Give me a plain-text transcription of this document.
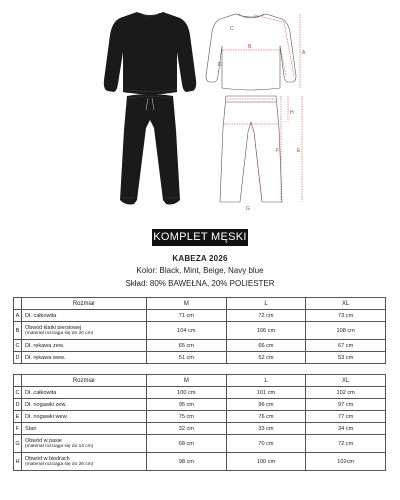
A
B
C
D
E
F
G
H
KOMPLET MĘSKI
KABEZA 2026
Kolor: Black, Mint, Beige, Navy blue
Skład: 80% BAWEŁNA, 20% POLIESTER
	Rozmiar	M	L	XL
A	Dł. całkowita	71 cm	72 cm	73 cm
B	Obwód klatki piersiowej
(materiał rozciąga się do 20 cm)	104 cm	106 cm	108 cm
C	Dł. rękawa zew.	65 cm	66 cm	67 cm
D	Dł. rękawa wew.	51 cm	52 cm	53 cm
	Rozmiar	M	L	XL
C	Dł. całkowita	100 cm	101 cm	102 cm
D	Dł. nogawki zew.	95 cm	96 cm	97 cm
E	Dł. nogawki wew.	75 cm	76 cm	77 cm
F	Stan	32 cm	33 cm	34 cm
G	Obwód w pasie
(materiał rozciąga się do 14 cm)	68 cm	70 cm	72 cm
H	Obwód w biodrach
(materiał rozciąga się do 26 cm)	98 cm	100 cm	102cm
